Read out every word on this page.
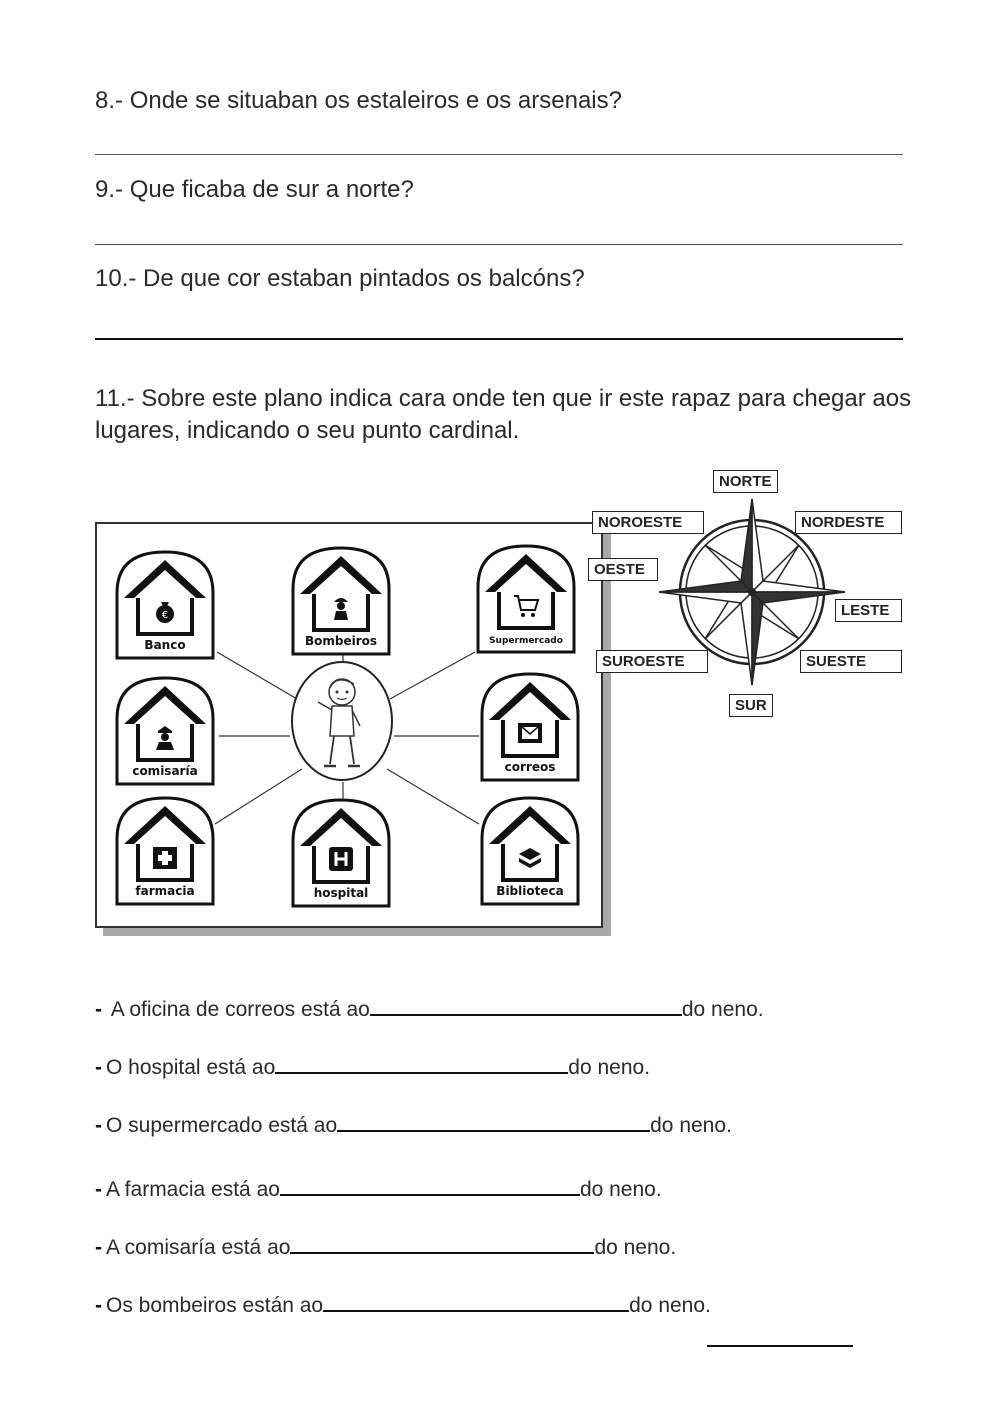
8.- Onde se situaban os estaleiros e os arsenais?
9.- Que ficaba de sur a norte?
10.- De que cor estaban pintados os balcóns?
11.- Sobre este plano indica cara onde ten que ir este rapaz para chegar aos lugares, indicando o seu punto cardinal.
€
Banco	Bombeiros	Supermercado
comisaría	correos
farmacia	hospital	Biblioteca
NORTE
NOROESTE	NORDESTE
OESTE
LESTE
SUROESTE	SUESTE
SUR
- A oficina de correos está ao	do neno.
- O hospital está ao	do neno.
- O supermercado está ao	do neno.
- A farmacia está ao	do neno.
- A comisaría está ao	do neno.
- Os bombeiros están ao	do neno.
